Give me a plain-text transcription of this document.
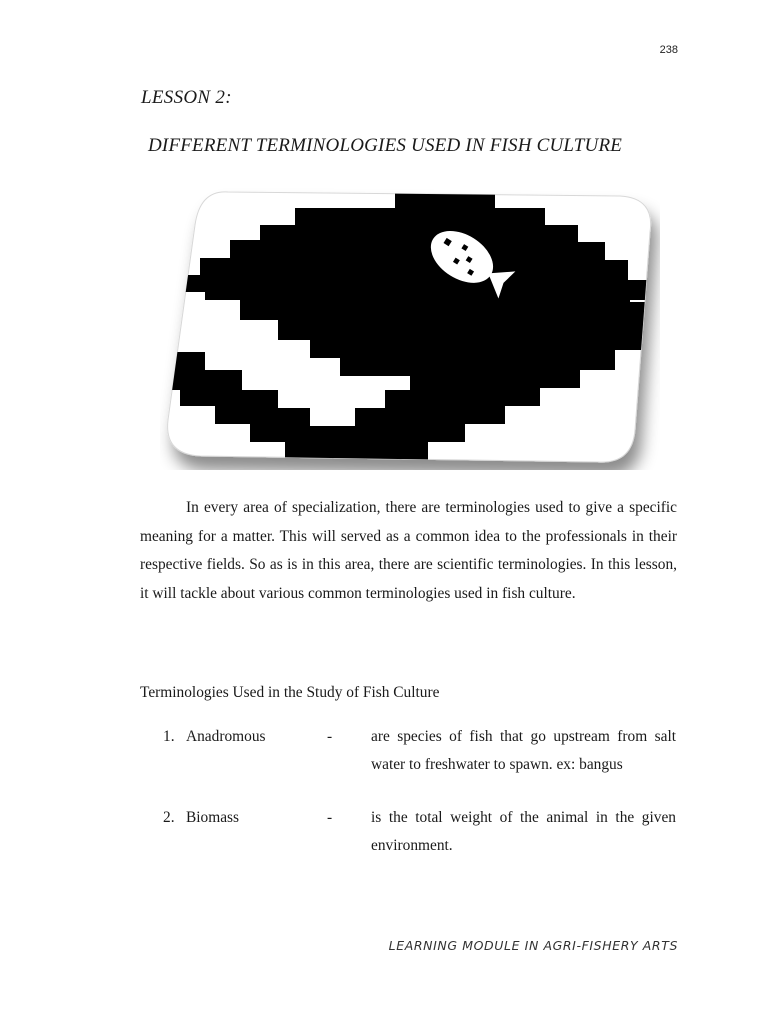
238
LESSON 2:
DIFFERENT TERMINOLOGIES USED IN FISH CULTURE

In every area of specialization, there are terminologies used to give a specific meaning for a matter. This will served as a common idea to the professionals in their respective fields. So as is in this area, there are scientific terminologies. In this lesson, it will tackle about various common terminologies used in fish culture.

Terminologies Used in the Study of Fish Culture
1. Anadromous	-	are species of fish that go upstream from salt water to freshwater to spawn. ex: bangus
2. Biomass	-	is the total weight of the animal in the given environment.
LEARNING MODULE IN AGRI-FISHERY ARTS
